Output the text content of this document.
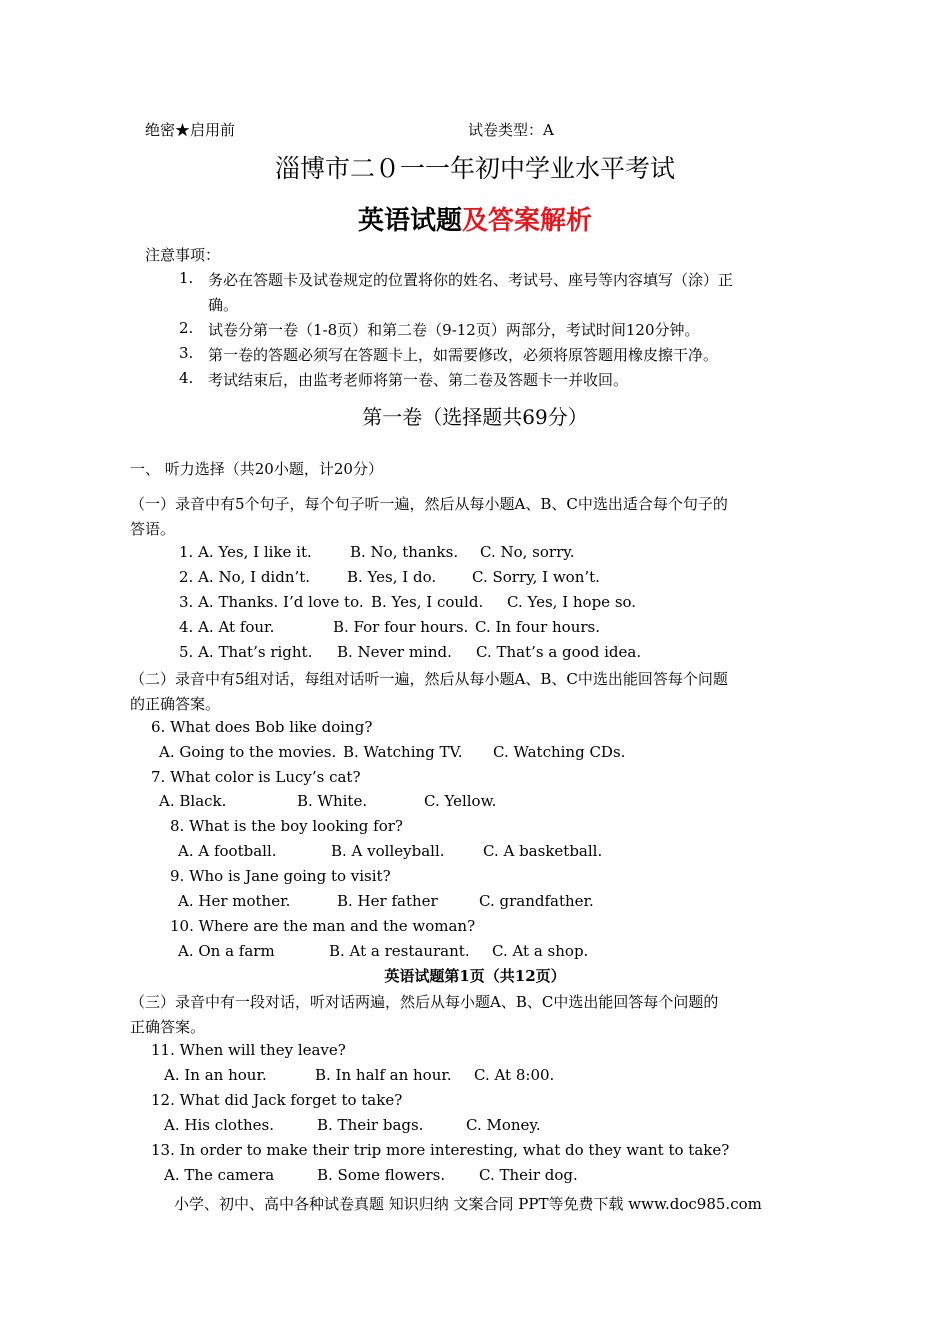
绝密★启用前	试卷类型：A
淄博市二０一一年初中学业水平考试
英语试题及答案解析
注意事项：
1. 务必在答题卡及试卷规定的位置将你的姓名、考试号、座号等内容填写（涂）正
确。
2. 试卷分第一卷（1-8页）和第二卷（9-12页）两部分，考试时间120分钟。
3. 第一卷的答题必须写在答题卡上，如需要修改，必须将原答题用橡皮擦干净。
4. 考试结束后，由监考老师将第一卷、第二卷及答题卡一并收回。
第一卷（选择题共69分）
一、 听力选择（共20小题，计20分）
（一）录音中有5个句子，每个句子听一遍，然后从每小题A、B、C中选出适合每个句子的
答语。
1. A. Yes, I like it.	B. No, thanks. C. No, sorry.
2. A. No, I didn’t. B. Yes, I do. C. Sorry, I won’t.
3. A. Thanks. I’d love to. B. Yes, I could. C. Yes, I hope so.
4. A. At four.	B. For four hours. C. In four hours.
5. A. That’s right. B. Never mind. C. That’s a good idea.
（二）录音中有5组对话，每组对话听一遍，然后从每小题A、B、C中选出能回答每个问题
的正确答案。
6. What does Bob like doing?
A. Going to the movies. B. Watching TV. C. Watching CDs.
7. What color is Lucy’s cat?
A. Black.	B. White.	C. Yellow.
8. What is the boy looking for?
A. A football.	B. A volleyball.	C. A basketball.
9. Who is Jane going to visit?
A. Her mother.	B. Her father	C. grandfather.
10. Where are the man and the woman?
A. On a farm	B. At a restaurant. C. At a shop.
英语试题第1页（共12页）
（三）录音中有一段对话，听对话两遍，然后从每小题A、B、C中选出能回答每个问题的
正确答案。
11. When will they leave?
A. In an hour.	B. In half an hour. C. At 8:00.
12. What did Jack forget to take?
A. His clothes.	B. Their bags.	C. Money.
13. In order to make their trip more interesting, what do they want to take?
A. The camera	B. Some flowers. C. Their dog.
小学、初中、高中各种试卷真题 知识归纳 文案合同 PPT等免费下载 www.doc985.com
